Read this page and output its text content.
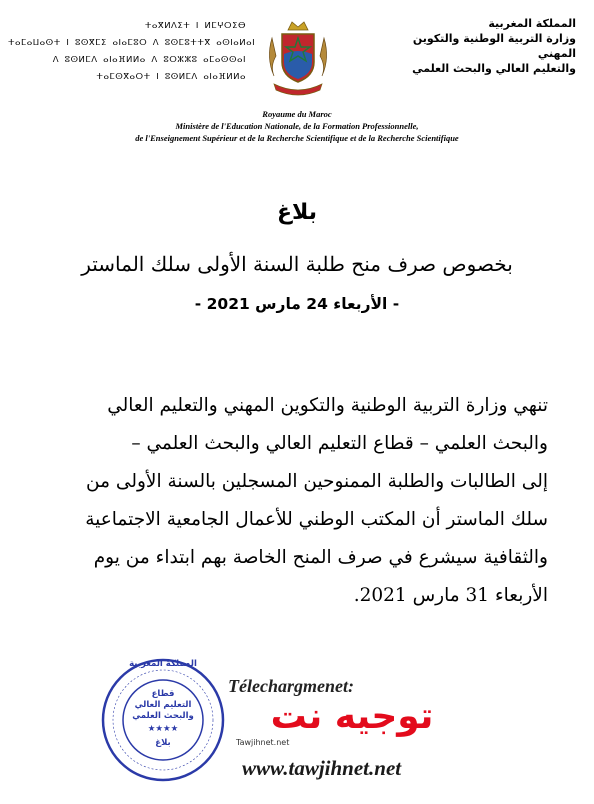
المملكة المغربية
وزارة التربية الوطنية والتكوين المهني
والتعليم العالي والبحث العلمي
ⵜⴰⴳⵍⴷⵉⵜ ⵏ ⵍⵎⵖⵔⵉⴱ
ⵜⴰⵎⴰⵡⴰⵙⵜ ⵏ ⵓⵙⴳⵎⵉ ⴰⵏⴰⵎⵓⵔ ⴷ ⵓⵙⵎⵓⵜⵜⴳ ⴰⵙⵏⴰⵍⴰⵏ
ⴷ ⵓⵙⵍⵎⴷ ⴰⵏⴰⴼⵍⵍⴰ ⴷ ⵓⵔⵣⵣⵓ ⴰⵎⴰⵙⵙⴰⵏ
ⵜⴰⵎⵙⴳⴰⵔⵜ ⵏ ⵓⵙⵍⵎⴷ ⴰⵏⴰⴼⵍⵍⴰ
Royaume du Maroc
Ministère de l'Education Nationale, de la Formation Professionnelle,
de l'Enseignement Supérieur et de la Recherche Scientifique et de la Recherche Scientifique
بلاغ
بخصوص صرف منح طلبة السنة الأولى سلك الماستر
- الأربعاء 24 مارس 2021 -
تنهي وزارة التربية الوطنية والتكوين المهني والتعليم العالي
والبحث العلمي – قطاع التعليم العالي والبحث العلمي –
إلى الطالبات والطلبة الممنوحين المسجلين بالسنة الأولى من
سلك الماستر أن المكتب الوطني للأعمال الجامعية الاجتماعية
والثقافية سيشرع في صرف المنح الخاصة بهم ابتداء من يوم
الأربعاء 31 مارس 2021.
المملكة المغربية
قطاع
التعليم العالي
والبحث العلمي
★★★★
بلاغ
Télechargmenet:
توجيه نت
Tawjihnet.net
www.tawjihnet.net
